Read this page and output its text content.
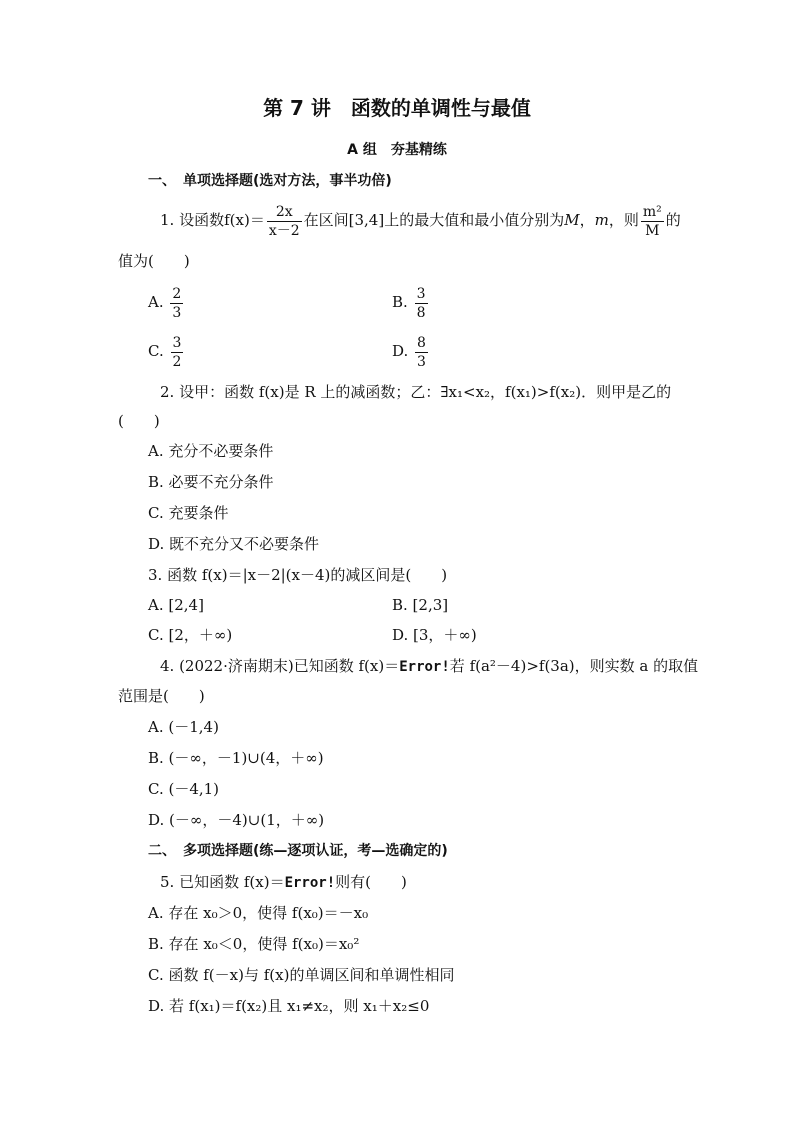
第 7 讲　函数的单调性与最值
A 组　夯基精练
一、　单项选择题(选对方法，事半功倍)
1. 设函数$f(x)= \frac{2x}{x-2}$ 在区间[3,4]上的最大值和最小值分别为M，m，则 $\frac{\text{m²}}{M}$ 的
值为(　　)
A. $\frac{2}{3}$	B. $\frac{3}{8}$
C. $\frac{3}{2}$	D. $\frac{8}{3}$
2. 设甲：函数 f(x)是 R 上的减函数；乙：∃x₁<x₂，f(x₁)>f(x₂)．则甲是乙的
(　　)
A. 充分不必要条件
B. 必要不充分条件
C. 充要条件
D. 既不充分又不必要条件
3. 函数 f(x)＝|x－2|(x－4)的减区间是(　　)
A. [2,4]	B. [2,3]
C. [2，＋∞)	D. [3，＋∞)
4. (2022·济南期末)已知函数 f(x)＝Error!若 f(a²－4)>f(3a)，则实数 a 的取值
范围是(　　)
A. (－1,4)
B. (－∞，－1)∪(4，＋∞)
C. (－4,1)
D. (－∞，－4)∪(1，＋∞)
二、　多项选择题(练—逐项认证，考—选确定的)
5. 已知函数 f(x)＝Error!则有(　　)
A. 存在 x₀＞0，使得 f(x₀)＝－x₀
B. 存在 x₀＜0，使得 f(x₀)＝x₀²
C. 函数 f(－x)与 f(x)的单调区间和单调性相同
D. 若 f(x₁)＝f(x₂)且 x₁≠x₂，则 x₁＋x₂≤0
